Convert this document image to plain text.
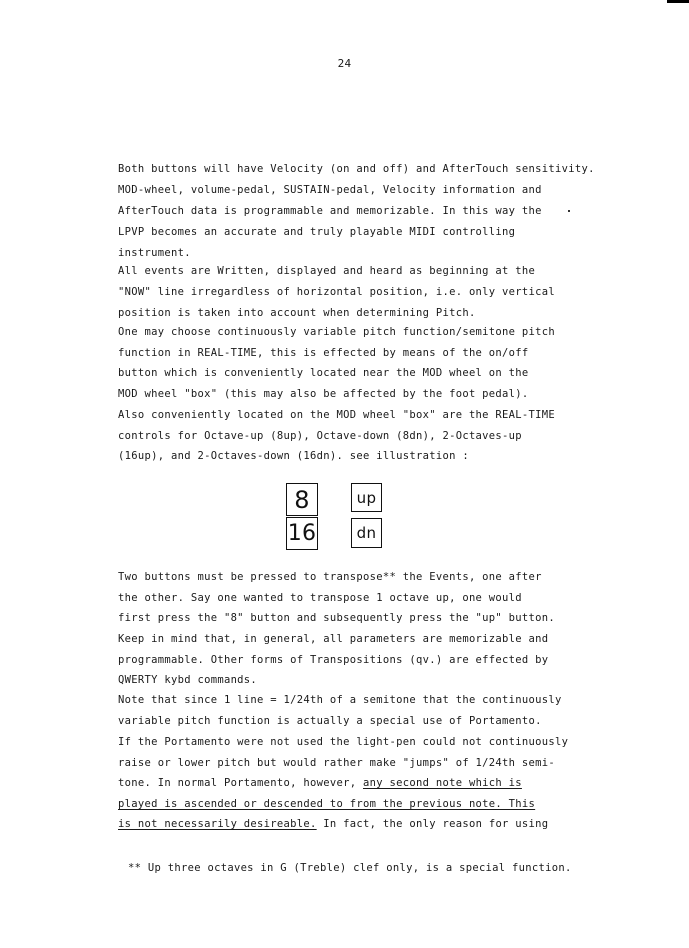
24
Both buttons will have Velocity (on and off) and AfterTouch sensitivity.
MOD-wheel, volume-pedal, SUSTAIN-pedal, Velocity information and
AfterTouch data is programmable and memorizable. In this way the
LPVP becomes an accurate and truly playable MIDI controlling
instrument.
All events are Written, displayed and heard as beginning at the
"NOW" line irregardless of horizontal position, i.e. only vertical
position is taken into account when determining Pitch.
One may choose continuously variable pitch function/semitone pitch
function in REAL-TIME, this is effected by means of the on/off
button which is conveniently located near the MOD wheel on the
MOD wheel "box" (this may also be affected by the foot pedal).
Also conveniently located on the MOD wheel "box" are the REAL-TIME
controls for Octave-up (8up), Octave-down (8dn), 2-Octaves-up
(16up), and 2-Octaves-down (16dn). see illustration :
8	up
16	dn
Two buttons must be pressed to transpose** the Events, one after
the other. Say one wanted to transpose 1 octave up, one would
first press the "8" button and subsequently press the "up" button.
Keep in mind that, in general, all parameters are memorizable and
programmable. Other forms of Transpositions (qv.) are effected by
QWERTY kybd commands.
Note that since 1 line = 1/24th of a semitone that the continuously
variable pitch function is actually a special use of Portamento.
If the Portamento were not used the light-pen could not continuously
raise or lower pitch but would rather make "jumps" of 1/24th semi-
tone. In normal Portamento, however, any second note which is
played is ascended or descended to from the previous note. This
is not necessarily desireable. In fact, the only reason for using
** Up three octaves in G (Treble) clef only, is a special function.
